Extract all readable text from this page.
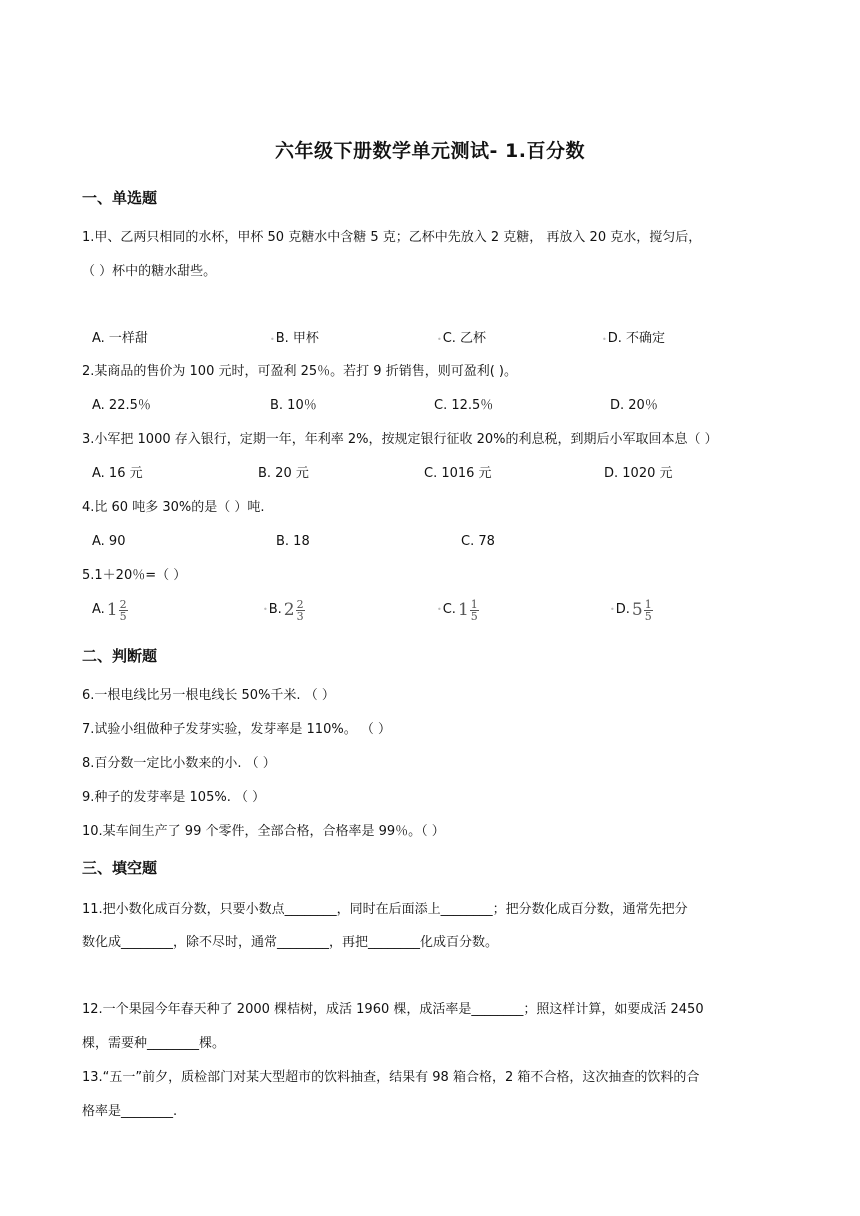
六年级下册数学单元测试- 1.百分数
一、单选题
1.甲、乙两只相同的水杯，甲杯 50 克糖水中含糖 5 克；乙杯中先放入 2 克糖， 再放入 20 克水，搅匀后，
（ ）杯中的糖水甜些。
A. 一样甜	•B. 甲杯	•C. 乙杯	•D. 不确定
2.某商品的售价为 100 元时，可盈利 25％。若打 9 折销售，则可盈利( )。
A. 22.5％	B. 10％	C. 12.5％	D. 20％
3.小军把 1000 存入银行，定期一年，年利率 2%，按规定银行征收 20%的利息税，到期后小军取回本息（ ）
A. 16 元	B. 20 元	C. 1016 元	D. 1020 元
4.比 60 吨多 30%的是（ ）吨.
A. 90	B. 18	C. 78
5.1＋20％=（ ）
A. $1 \frac{2}{5}$	• B. $2 \frac{2}{3}$	• C. $1 \frac{1}{5}$	• D. $5 \frac{1}{5}$
二、判断题
6.一根电线比另一根电线长 50%千米. （ ）
7.试验小组做种子发芽实验，发芽率是 110%。 （ ）
8.百分数一定比小数来的小. （ ）
9.种子的发芽率是 105%. （ ）
10.某车间生产了 99 个零件，全部合格，合格率是 99％。（ ）
三、填空题
11.把小数化成百分数，只要小数点________，同时在后面添上________；把分数化成百分数，通常先把分
数化成________，除不尽时，通常________，再把________化成百分数。
12.一个果园今年春天种了 2000 棵桔树，成活 1960 棵，成活率是________；照这样计算，如要成活 2450
棵，需要种________棵。
13.“五一”前夕，质检部门对某大型超市的饮料抽查，结果有 98 箱合格，2 箱不合格，这次抽查的饮料的合
格率是________.
